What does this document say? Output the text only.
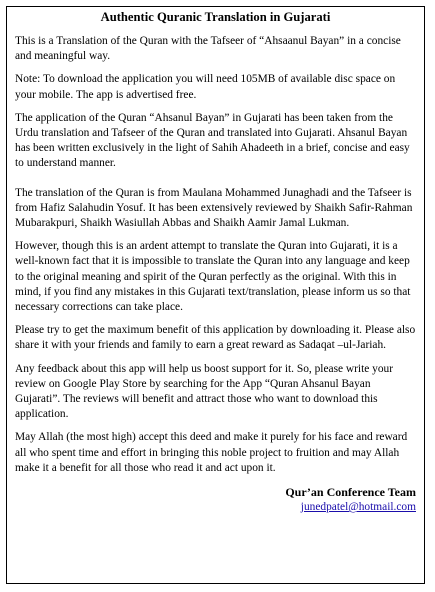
Authentic Quranic Translation in Gujarati

This is a Translation of the Quran with the Tafseer of “Ahsaanul Bayan” in a concise and meaningful way.

Note: To download the application you will need 105MB of available disc space on your mobile. The app is advertised free.

The application of the Quran “Ahsanul Bayan” in Gujarati has been taken from the Urdu translation and Tafseer of the Quran and translated into Gujarati. Ahsanul Bayan has been written exclusively in the light of Sahih Ahadeeth in a brief, concise and easy to understand manner.

The translation of the Quran is from Maulana Mohammed Junaghadi and the Tafseer is from Hafiz Salahudin Yosuf. It has been extensively reviewed by Shaikh Safir-Rahman Mubarakpuri, Shaikh Wasiullah Abbas and Shaikh Aamir Jamal Lukman.

However, though this is an ardent attempt to translate the Quran into Gujarati, it is a well-known fact that it is impossible to translate the Quran into any language and keep to the original meaning and spirit of the Quran perfectly as the original. With this in mind, if you find any mistakes in this Gujarati text/translation, please inform us so that necessary corrections can take place.

Please try to get the maximum benefit of this application by downloading it. Please also share it with your friends and family to earn a great reward as Sadaqat –ul-Jariah.

Any feedback about this app will help us boost support for it. So, please write your review on Google Play Store by searching for the App “Quran Ahsanul Bayan Gujarati”. The reviews will benefit and attract those who want to download this application.

May Allah (the most high) accept this deed and make it purely for his face and reward all who spent time and effort in bringing this noble project to fruition and may Allah make it a benefit for all those who read it and act upon it.

Qur’an Conference Team
junedpatel@hotmail.com
